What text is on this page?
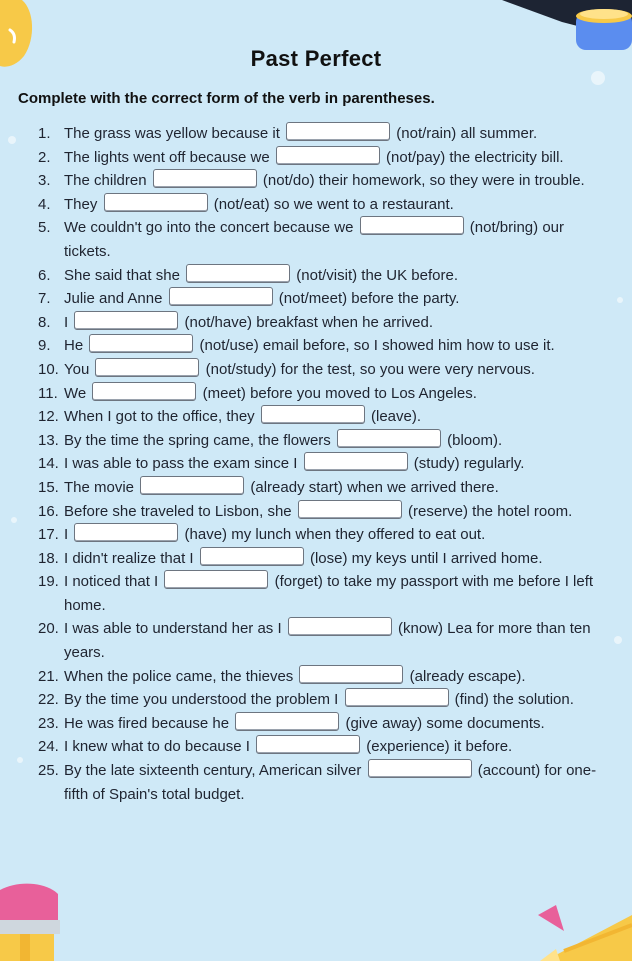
Past Perfect
Complete with the correct form of the verb in parentheses.
1. The grass was yellow because it	(not/rain) all summer.
2. The lights went off because we	(not/pay) the electricity bill.
3. The children	(not/do) their homework, so they were in trouble.
4. They	(not/eat) so we went to a restaurant.
5. We couldn't go into the concert because we	(not/bring) our tickets.
6. She said that she	(not/visit) the UK before.
7. Julie and Anne	(not/meet) before the party.
8. I	(not/have) breakfast when he arrived.
9. He	(not/use) email before, so I showed him how to use it.
10. You	(not/study) for the test, so you were very nervous.
11. We	(meet) before you moved to Los Angeles.
12. When I got to the office, they	(leave).
13. By the time the spring came, the flowers	(bloom).
14. I was able to pass the exam since I	(study) regularly.
15. The movie	(already start) when we arrived there.
16. Before she traveled to Lisbon, she	(reserve) the hotel room.
17. I	(have) my lunch when they offered to eat out.
18. I didn't realize that I	(lose) my keys until I arrived home.
19. I noticed that I	(forget) to take my passport with me before I left home.
20. I was able to understand her as I	(know) Lea for more than ten years.
21. When the police came, the thieves	(already escape).
22. By the time you understood the problem I	(find) the solution.
23. He was fired because he	(give away) some documents.
24. I knew what to do because I	(experience) it before.
25. By the late sixteenth century, American silver	(account) for one-fifth of Spain's total budget.
